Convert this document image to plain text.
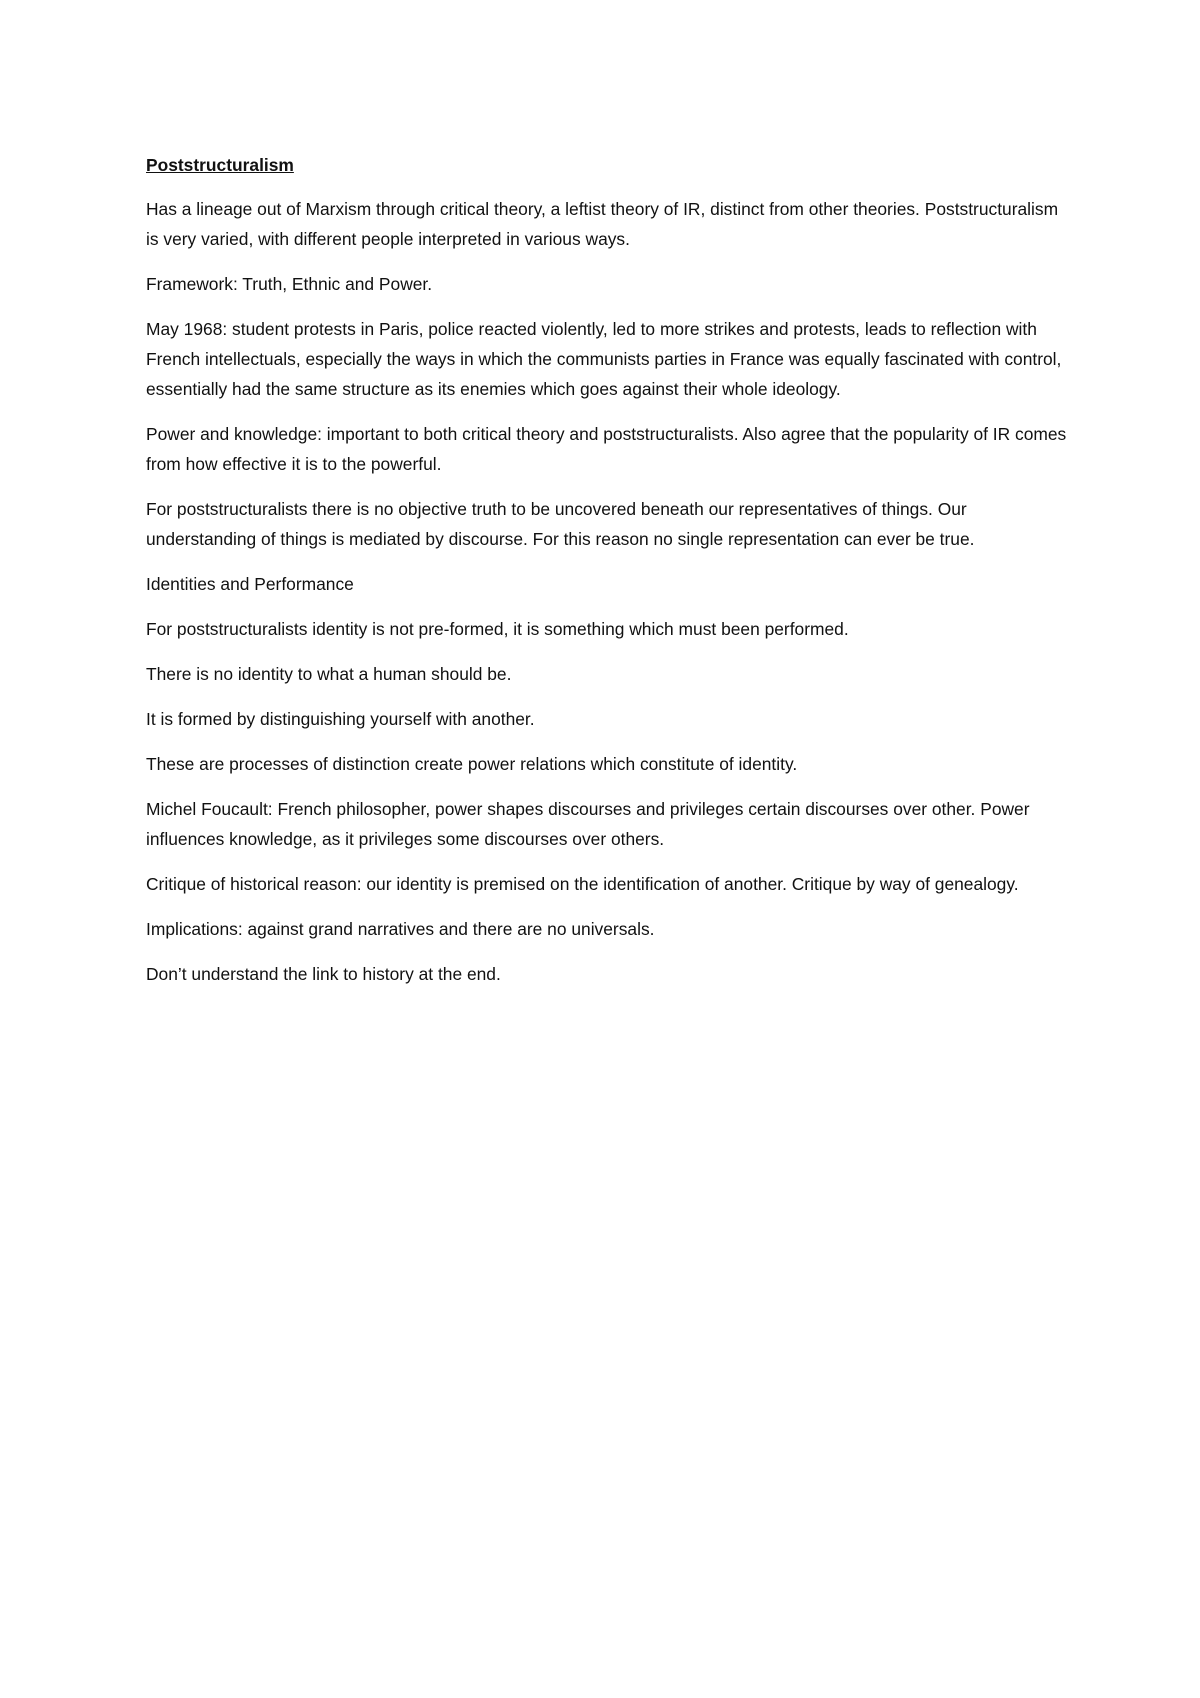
Poststructuralism

Has a lineage out of Marxism through critical theory, a leftist theory of IR, distinct from other theories. Poststructuralism is very varied, with different people interpreted in various ways.

Framework: Truth, Ethnic and Power.

May 1968: student protests in Paris, police reacted violently, led to more strikes and protests, leads to reflection with French intellectuals, especially the ways in which the communists parties in France was equally fascinated with control, essentially had the same structure as its enemies which goes against their whole ideology.

Power and knowledge: important to both critical theory and poststructuralists. Also agree that the popularity of IR comes from how effective it is to the powerful.

For poststructuralists there is no objective truth to be uncovered beneath our representatives of things. Our understanding of things is mediated by discourse. For this reason no single representation can ever be true.

Identities and Performance

For poststructuralists identity is not pre-formed, it is something which must been performed.

There is no identity to what a human should be.

It is formed by distinguishing yourself with another.

These are processes of distinction create power relations which constitute of identity.

Michel Foucault: French philosopher, power shapes discourses and privileges certain discourses over other. Power influences knowledge, as it privileges some discourses over others.

Critique of historical reason: our identity is premised on the identification of another. Critique by way of genealogy.

Implications: against grand narratives and there are no universals.

Don’t understand the link to history at the end.
